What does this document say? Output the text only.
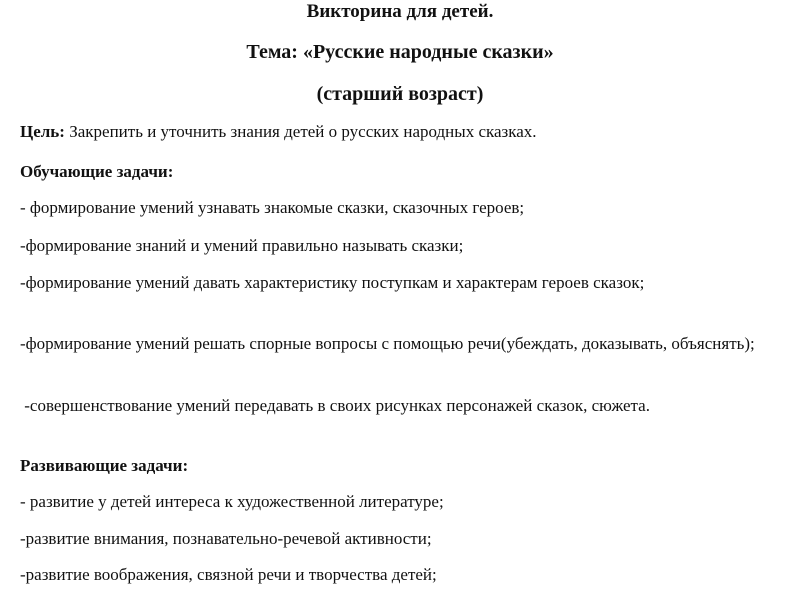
Викторина для детей.
Тема: «Русские народные сказки»
(старший возраст)
Цель: Закрепить и уточнить знания детей о русских народных сказках.
Обучающие задачи:
- формирование умений узнавать знакомые сказки, сказочных героев;
-формирование знаний и умений правильно называть сказки;
-формирование умений давать характеристику поступкам и характерам героев сказок;
-формирование умений решать спорные вопросы с помощью речи(убеждать, доказывать, объяснять);
-совершенствование умений передавать в своих рисунках персонажей сказок, сюжета.
Развивающие задачи:
- развитие у детей интереса к художественной литературе;
-развитие внимания, познавательно-речевой активности;
-развитие воображения, связной речи и творчества детей;
